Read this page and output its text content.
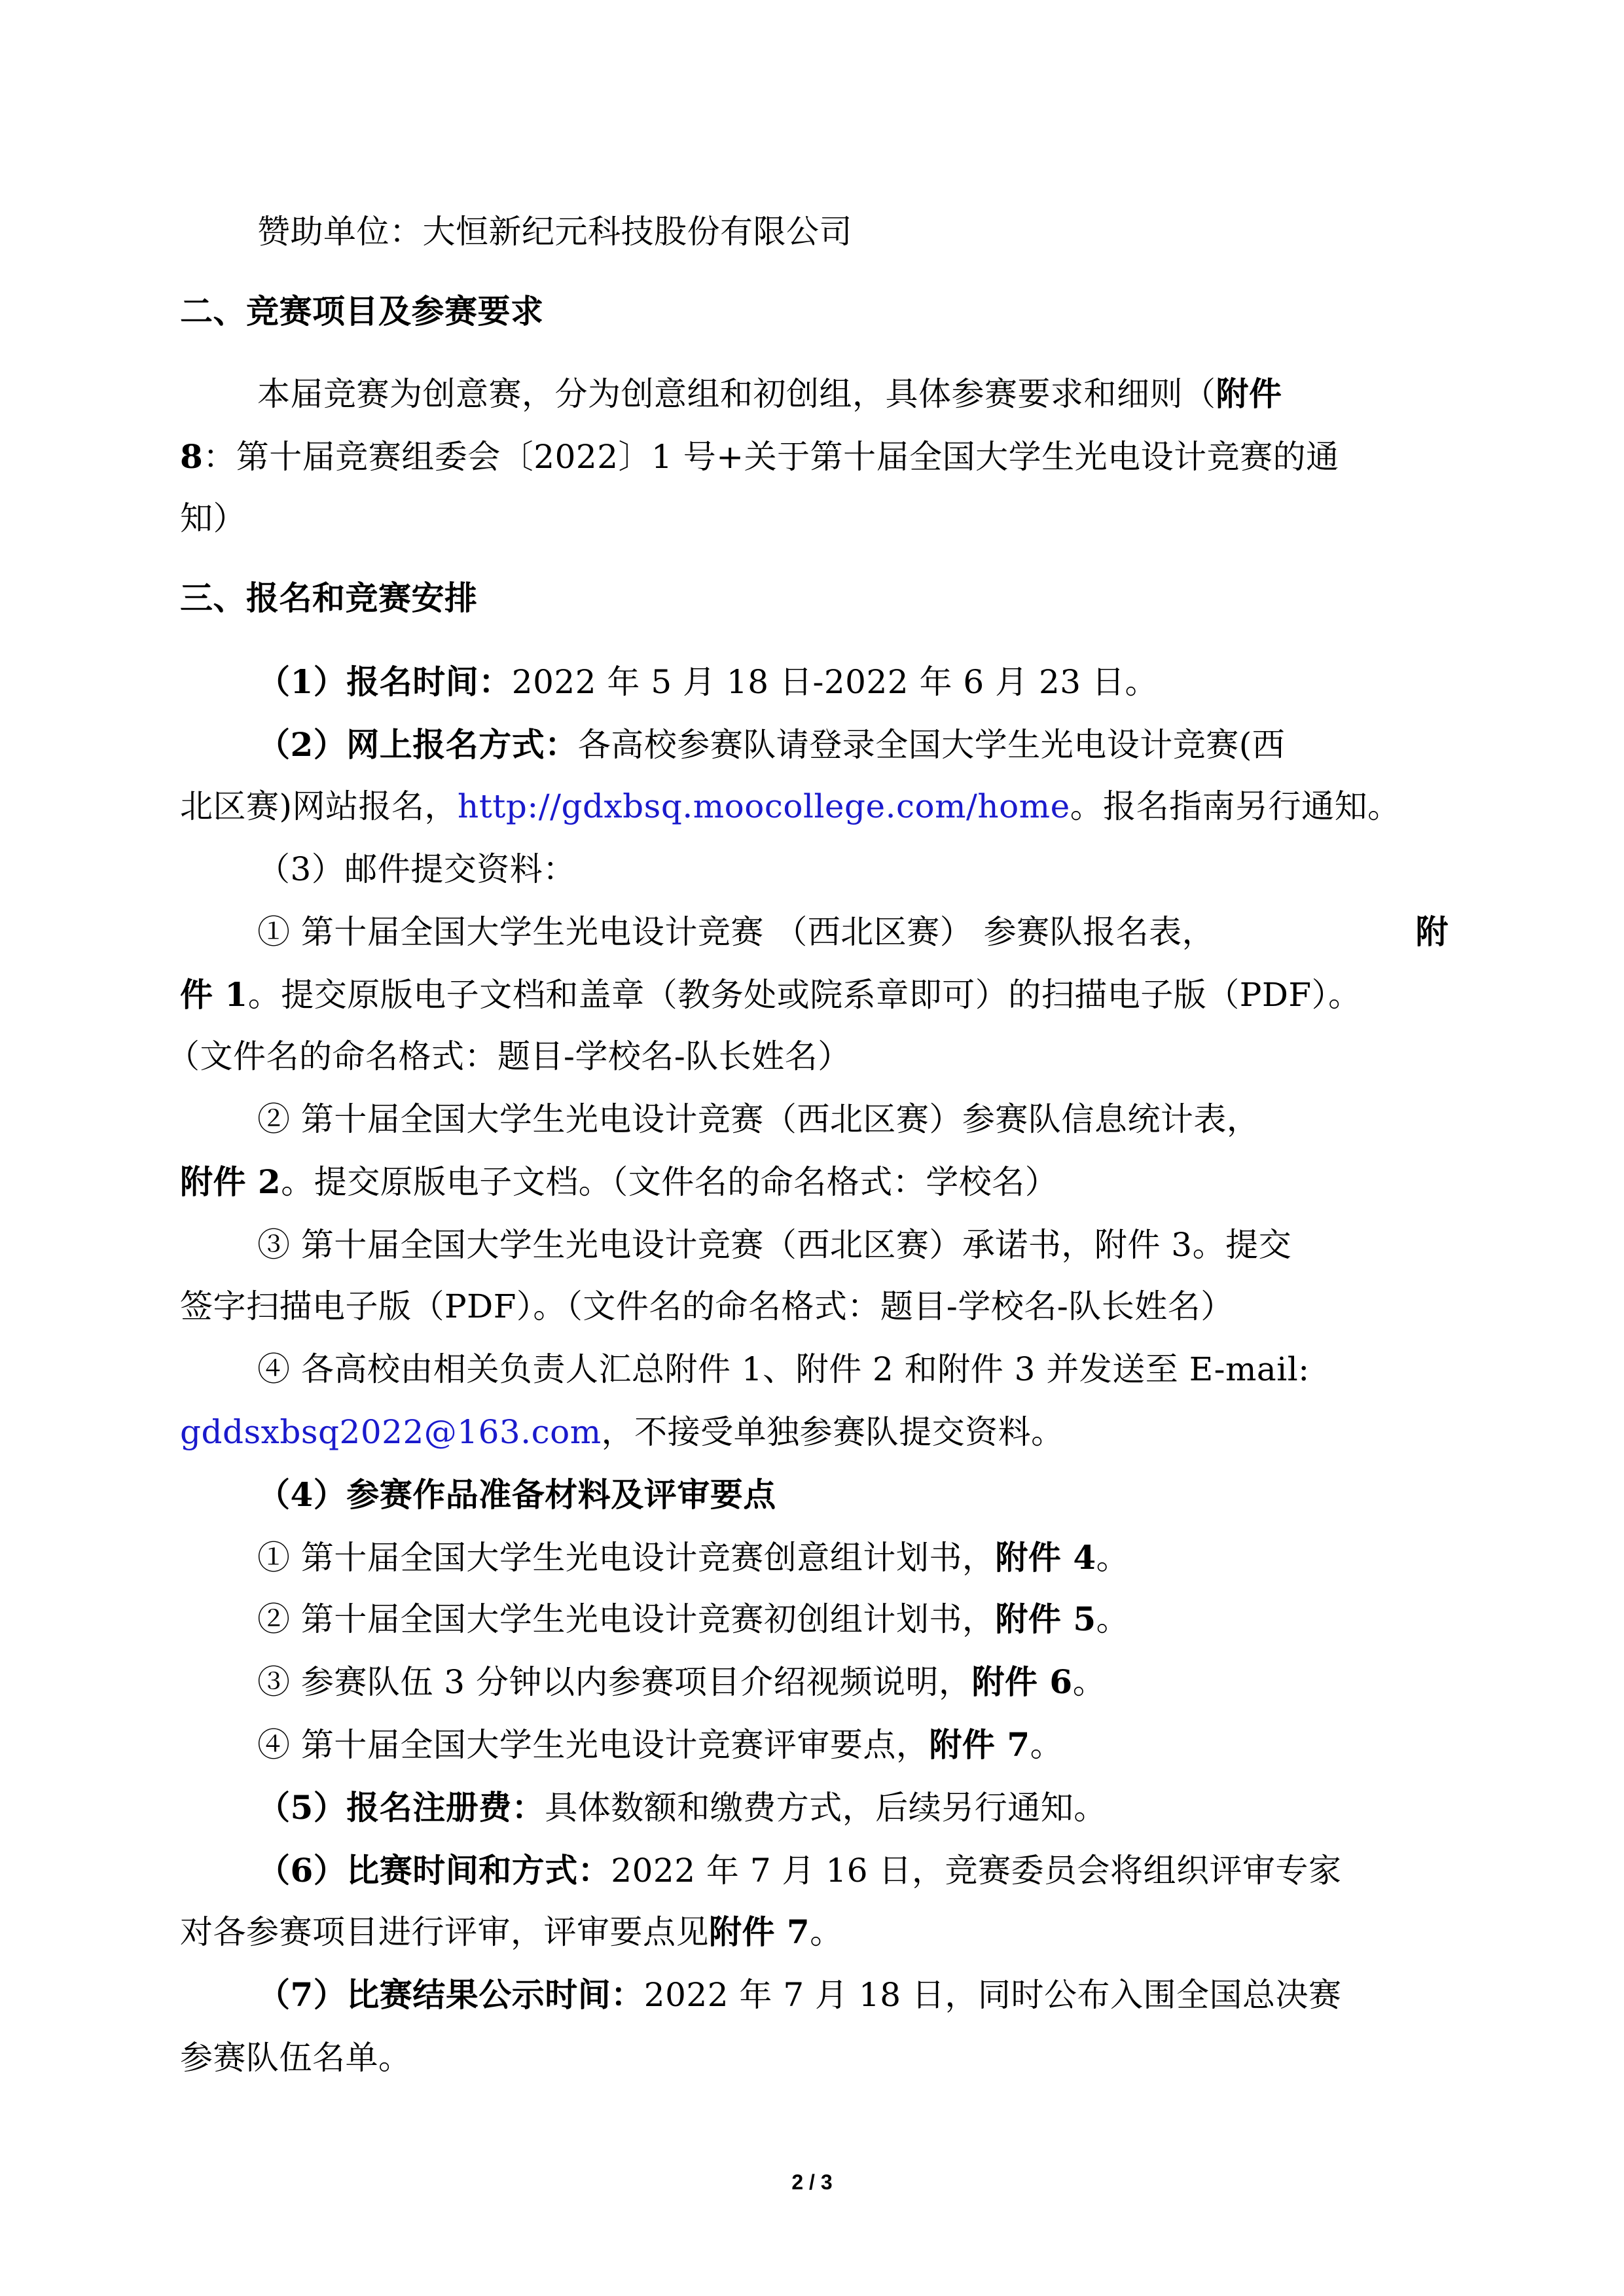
赞助单位：大恒新纪元科技股份有限公司
二、竞赛项目及参赛要求
本届竞赛为创意赛，分为创意组和初创组，具体参赛要求和细则（附件
8：第十届竞赛组委会〔2022〕1 号+关于第十届全国大学生光电设计竞赛的通
知）
三、报名和竞赛安排
（1）报名时间：2022 年 5 月 18 日-2022 年 6 月 23 日。
（2）网上报名方式：各高校参赛队请登录全国大学生光电设计竞赛(西
北区赛)网站报名，http://gdxbsq.moocollege.com/home。报名指南另行通知。
（3）邮件提交资料：
① 第十届全国大学生光电设计竞赛 （西北区赛） 参赛队报名表，	附
件 1。提交原版电子文档和盖章（教务处或院系章即可）的扫描电子版（PDF）。
（文件名的命名格式：题目-学校名-队长姓名）
② 第十届全国大学生光电设计竞赛（西北区赛）参赛队信息统计表，
附件 2。提交原版电子文档。（文件名的命名格式：学校名）
③ 第十届全国大学生光电设计竞赛（西北区赛）承诺书，附件 3。提交
签字扫描电子版（PDF）。（文件名的命名格式：题目-学校名-队长姓名）
④ 各高校由相关负责人汇总附件 1、附件 2 和附件 3 并发送至 E-mail:
gddsxbsq2022@163.com，不接受单独参赛队提交资料。
（4）参赛作品准备材料及评审要点
① 第十届全国大学生光电设计竞赛创意组计划书，附件 4。
② 第十届全国大学生光电设计竞赛初创组计划书，附件 5。
③ 参赛队伍 3 分钟以内参赛项目介绍视频说明，附件 6。
④ 第十届全国大学生光电设计竞赛评审要点，附件 7。
（5）报名注册费：具体数额和缴费方式，后续另行通知。
（6）比赛时间和方式：2022 年 7 月 16 日，竞赛委员会将组织评审专家
对各参赛项目进行评审，评审要点见附件 7。
（7）比赛结果公示时间：2022 年 7 月 18 日，同时公布入围全国总决赛
参赛队伍名单。
2 / 3
